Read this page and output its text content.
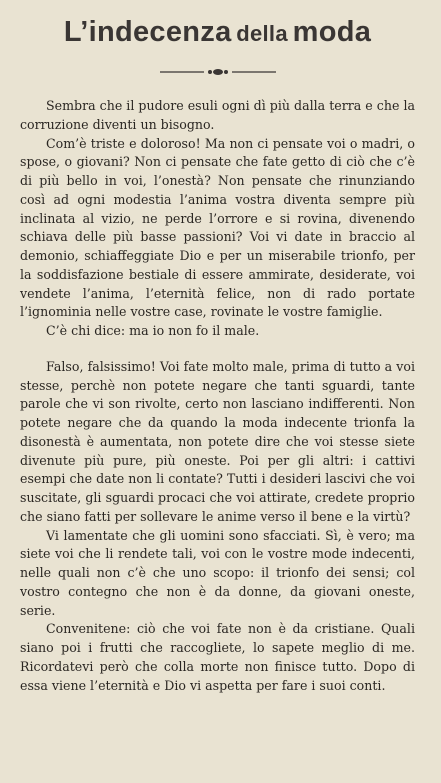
L’indecenza della moda

Sembra che il pudore esuli ogni dì più dalla terra e che la corruzione diventi un bisogno.

Com’è triste e doloroso! Ma non ci pensate voi o madri, o spose, o giovani? Non ci pensate che fate getto di ciò che c’è di più bello in voi, l’onestà? Non pensate che rinunziando così ad ogni modestia l’anima vostra diventa sempre più inclinata al vizio, ne perde l’orrore e si rovina, divenendo schiava delle più basse passioni? Voi vi date in braccio al demonio, schiaffeggiate Dio e per un miserabile trionfo, per la soddisfazione bestiale di essere ammirate, desiderate, voi vendete l’anima, l’eternità felice, non di rado portate l’ignominia nelle vostre case, rovinate le vostre famiglie.

C’è chi dice: ma io non fo il male.

Falso, falsissimo! Voi fate molto male, prima di tutto a voi stesse, perchè non potete negare che tanti sguardi, tante parole che vi son rivolte, certo non lasciano indifferenti. Non potete negare che da quando la moda indecente trionfa la disonestà è aumentata, non potete dire che voi stesse siete divenute più pure, più oneste. Poi per gli altri: i cattivi esempi che date non li contate? Tutti i desideri lascivi che voi suscitate, gli sguardi procaci che voi attirate, credete proprio che siano fatti per sollevare le anime verso il bene e la virtù?

Vi lamentate che gli uomini sono sfacciati. Sì, è vero; ma siete voi che li rendete tali, voi con le vostre mode indecenti, nelle quali non c’è che uno scopo: il trionfo dei sensi; col vostro contegno che non è da donne, da giovani oneste, serie.

Convenitene: ciò che voi fate non è da cristiane. Quali siano poi i frutti che raccogliete, lo sapete meglio di me. Ricordatevi però che colla morte non finisce tutto. Dopo di essa viene l’eternità e Dio vi aspetta per fare i suoi conti.
